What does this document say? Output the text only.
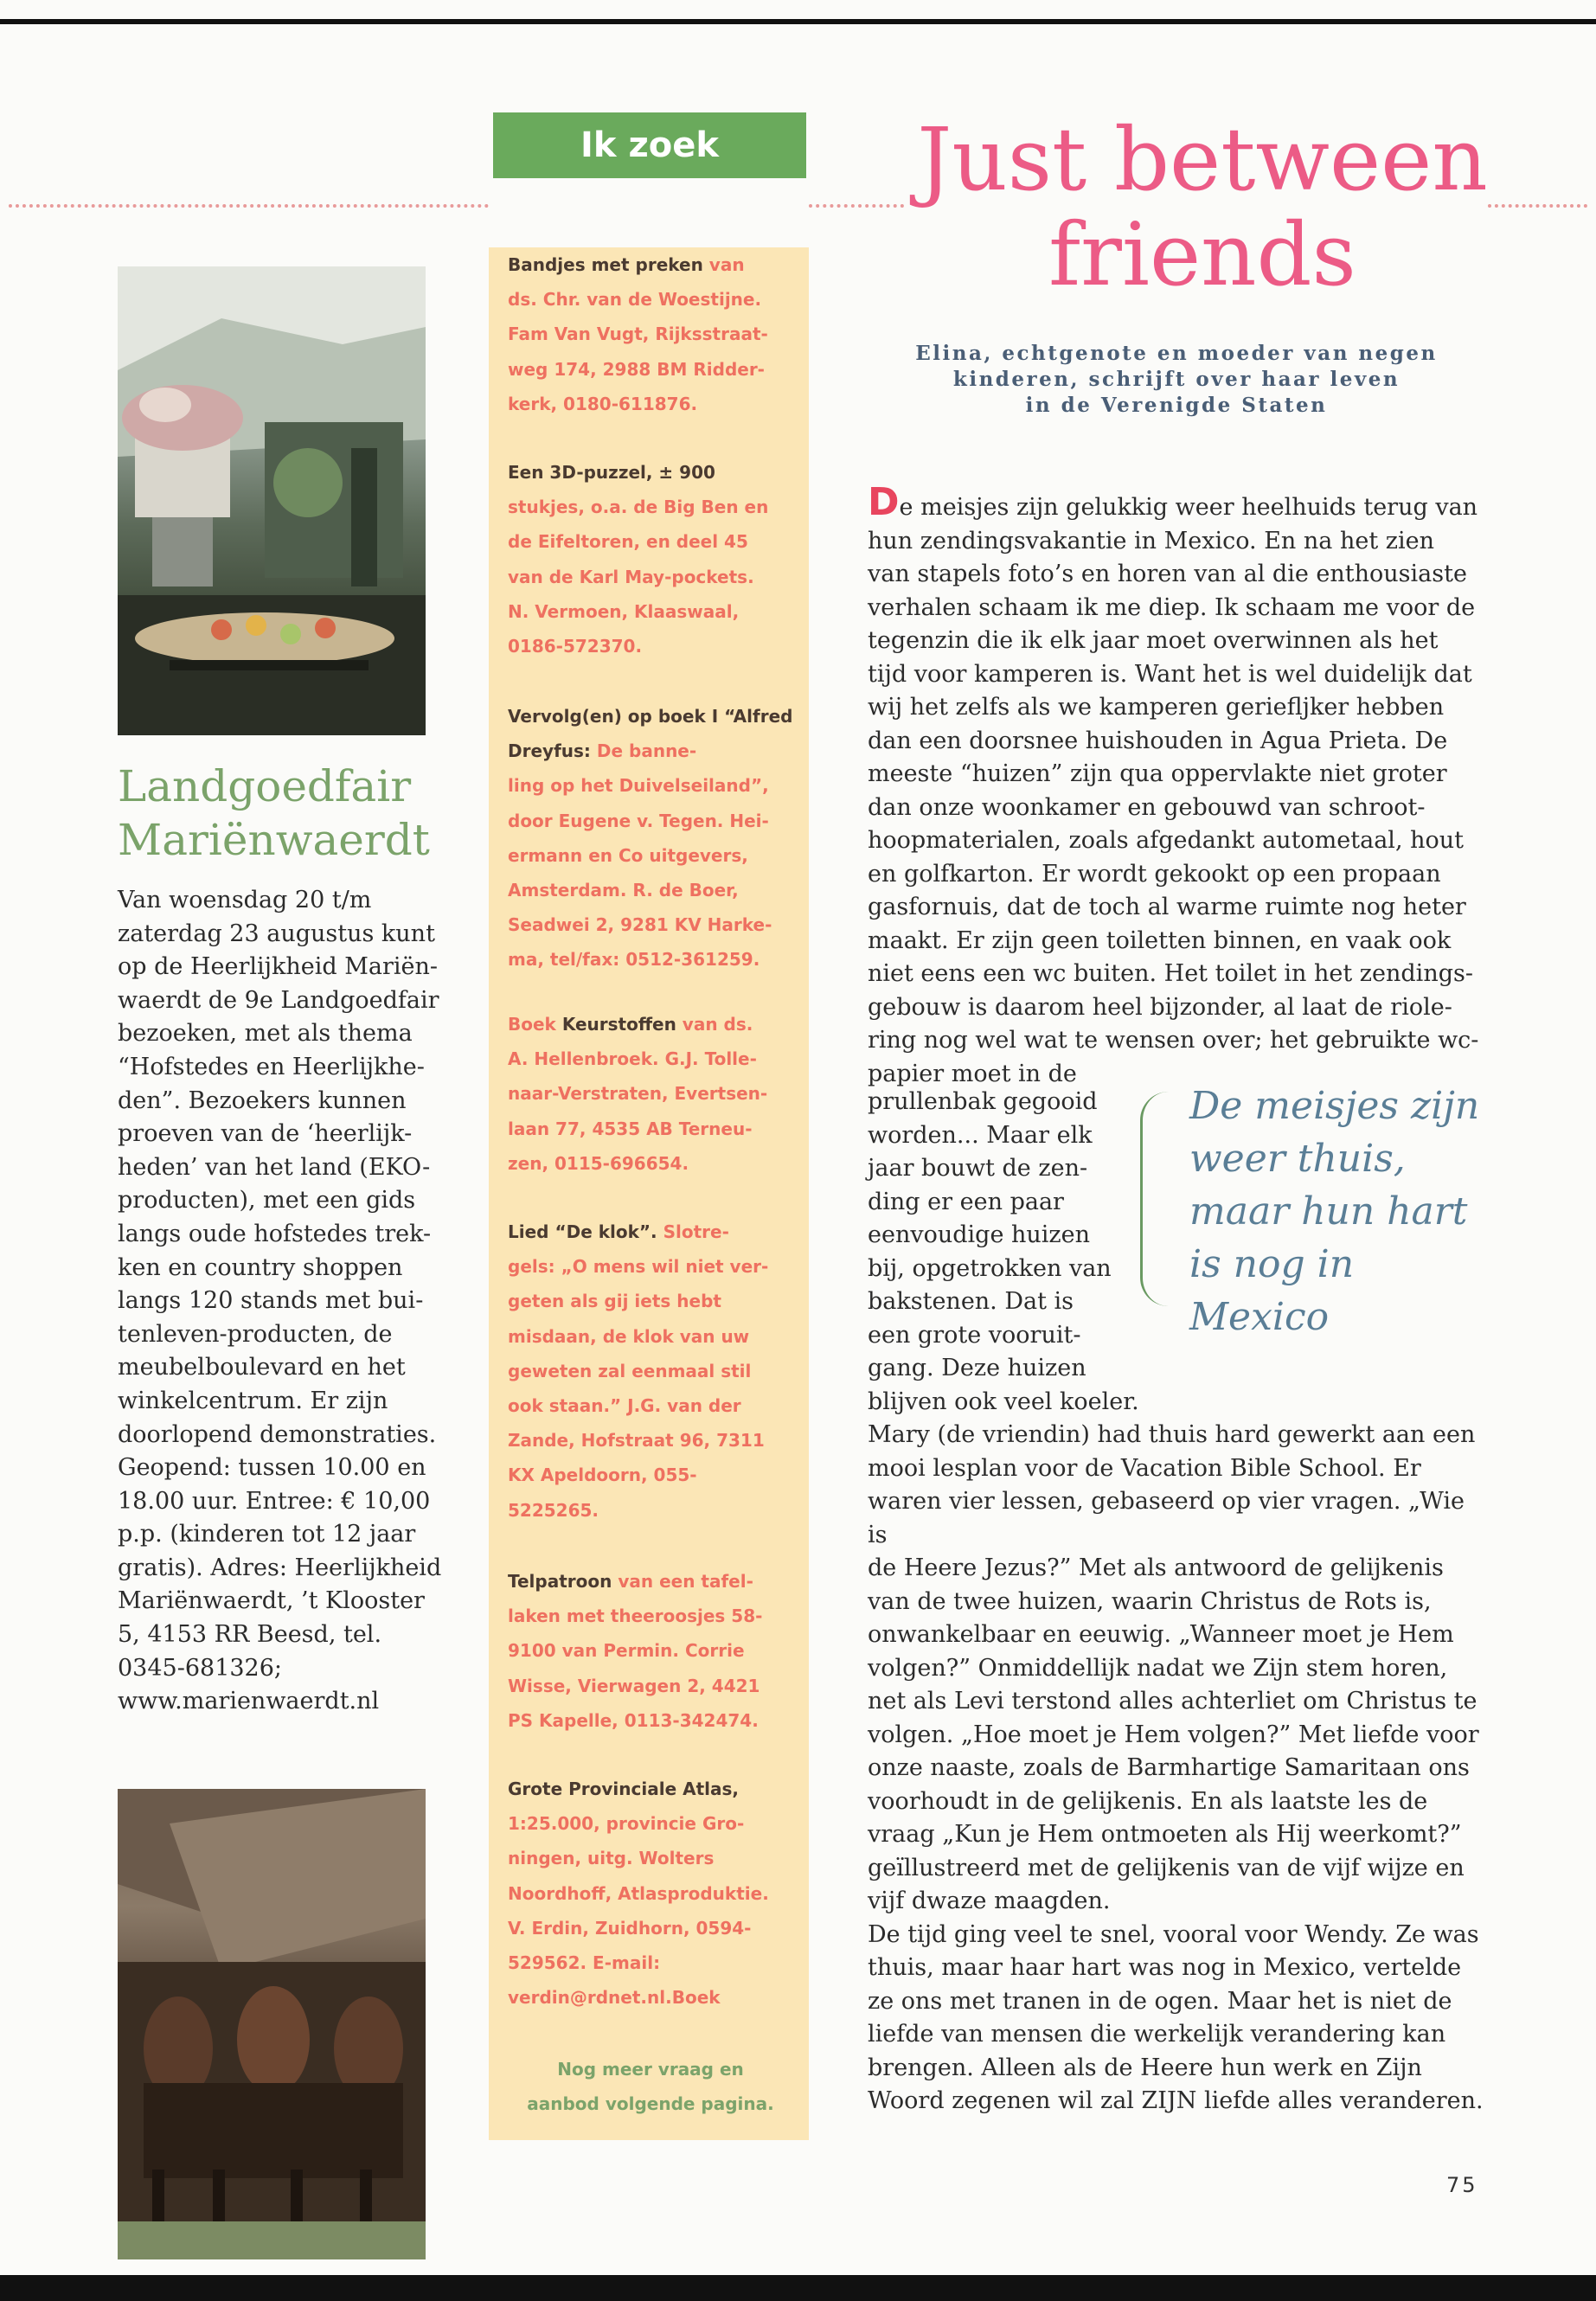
Landgoedfair
Mariënwaerdt

Van woensdag 20 t/m
zaterdag 23 augustus kunt
op de Heerlijkheid Mariën-
waerdt de 9e Landgoedfair
bezoeken, met als thema
“Hofstedes en Heerlijkhe-
den”. Bezoekers kunnen
proeven van de ‘heerlijk-
heden’ van het land (EKO-
producten), met een gids
langs oude hofstedes trek-
ken en country shoppen
langs 120 stands met bui-
tenleven-producten, de
meubelboulevard en het
winkelcentrum. Er zijn
doorlopend demonstraties.
Geopend: tussen 10.00 en
18.00 uur. Entree: € 10,00
p.p. (kinderen tot 12 jaar
gratis). Adres: Heerlijkheid
Mariënwaerdt, ’t Klooster
5, 4153 RR Beesd, tel.
0345-681326;
www.marienwaerdt.nl

Ik zoek

Bandjes met preken van
ds. Chr. van de Woestijne.
Fam Van Vugt, Rijksstraat-
weg 174, 2988 BM Ridder-
kerk, 0180-611876.

Een 3D-puzzel, ± 900
stukjes, o.a. de Big Ben en
de Eifeltoren, en deel 45
van de Karl May-pockets.
N. Vermoen, Klaaswaal,
0186-572370.

Vervolg(en) op boek I “Alfred Dreyfus: De banne-
ling op het Duivelseiland”,
door Eugene v. Tegen. Hei-
ermann en Co uitgevers,
Amsterdam. R. de Boer,
Seadwei 2, 9281 KV Harke-
ma, tel/fax: 0512-361259.

Boek Keurstoffen van ds.
A. Hellenbroek. G.J. Tolle-
naar-Verstraten, Evertsen-
laan 77, 4535 AB Terneu-
zen, 0115-696654.

Lied “De klok”. Slotre-
gels: „O mens wil niet ver-
geten als gij iets hebt
misdaan, de klok van uw
geweten zal eenmaal stil
ook staan.” J.G. van der
Zande, Hofstraat 96, 7311
KX Apeldoorn, 055-
5225265.

Telpatroon van een tafel-
laken met theeroosjes 58-
9100 van Permin. Corrie
Wisse, Vierwagen 2, 4421
PS Kapelle, 0113-342474.

Grote Provinciale Atlas,
1:25.000, provincie Gro-
ningen, uitg. Wolters
Noordhoff, Atlasproduktie.
V. Erdin, Zuidhorn, 0594-
529562. E-mail:
verdin@rdnet.nl.Boek

Nog meer vraag en
aanbod volgende pagina.

Just between
friends

Elina, echtgenote en moeder van negen
kinderen, schrijft over haar leven
in de Verenigde Staten

De meisjes zijn gelukkig weer heelhuids terug van
hun zendingsvakantie in Mexico. En na het zien
van stapels foto’s en horen van al die enthousiaste
verhalen schaam ik me diep. Ik schaam me voor de
tegenzin die ik elk jaar moet overwinnen als het
tijd voor kamperen is. Want het is wel duidelijk dat
wij het zelfs als we kamperen geriefljker hebben
dan een doorsnee huishouden in Agua Prieta. De
meeste “huizen” zijn qua oppervlakte niet groter
dan onze woonkamer en gebouwd van schroot-
hoopmaterialen, zoals afgedankt autometaal, hout
en golfkarton. Er wordt gekookt op een propaan
gasfornuis, dat de toch al warme ruimte nog heter
maakt. Er zijn geen toiletten binnen, en vaak ook
niet eens een wc buiten. Het toilet in het zendings-
gebouw is daarom heel bijzonder, al laat de riole-
ring nog wel wat te wensen over; het gebruikte wc-
papier moet in de

prullenbak gegooid
worden... Maar elk
jaar bouwt de zen-
ding er een paar
eenvoudige huizen
bij, opgetrokken van
bakstenen. Dat is
een grote vooruit-
gang. Deze huizen
blijven ook veel koeler.

De meisjes zijn
weer thuis,
maar hun hart
is nog in Mexico

Mary (de vriendin) had thuis hard gewerkt aan een
mooi lesplan voor de Vacation Bible School. Er
waren vier lessen, gebaseerd op vier vragen. „Wie is
de Heere Jezus?” Met als antwoord de gelijkenis
van de twee huizen, waarin Christus de Rots is,
onwankelbaar en eeuwig. „Wanneer moet je Hem
volgen?” Onmiddellijk nadat we Zijn stem horen,
net als Levi terstond alles achterliet om Christus te
volgen. „Hoe moet je Hem volgen?” Met liefde voor
onze naaste, zoals de Barmhartige Samaritaan ons
voorhoudt in de gelijkenis. En als laatste les de
vraag „Kun je Hem ontmoeten als Hij weerkomt?”
geïllustreerd met de gelijkenis van de vijf wijze en
vijf dwaze maagden.
De tijd ging veel te snel, vooral voor Wendy. Ze was
thuis, maar haar hart was nog in Mexico, vertelde
ze ons met tranen in de ogen. Maar het is niet de
liefde van mensen die werkelijk verandering kan
brengen. Alleen als de Heere hun werk en Zijn
Woord zegenen wil zal ZIJN liefde alles veranderen.

75
